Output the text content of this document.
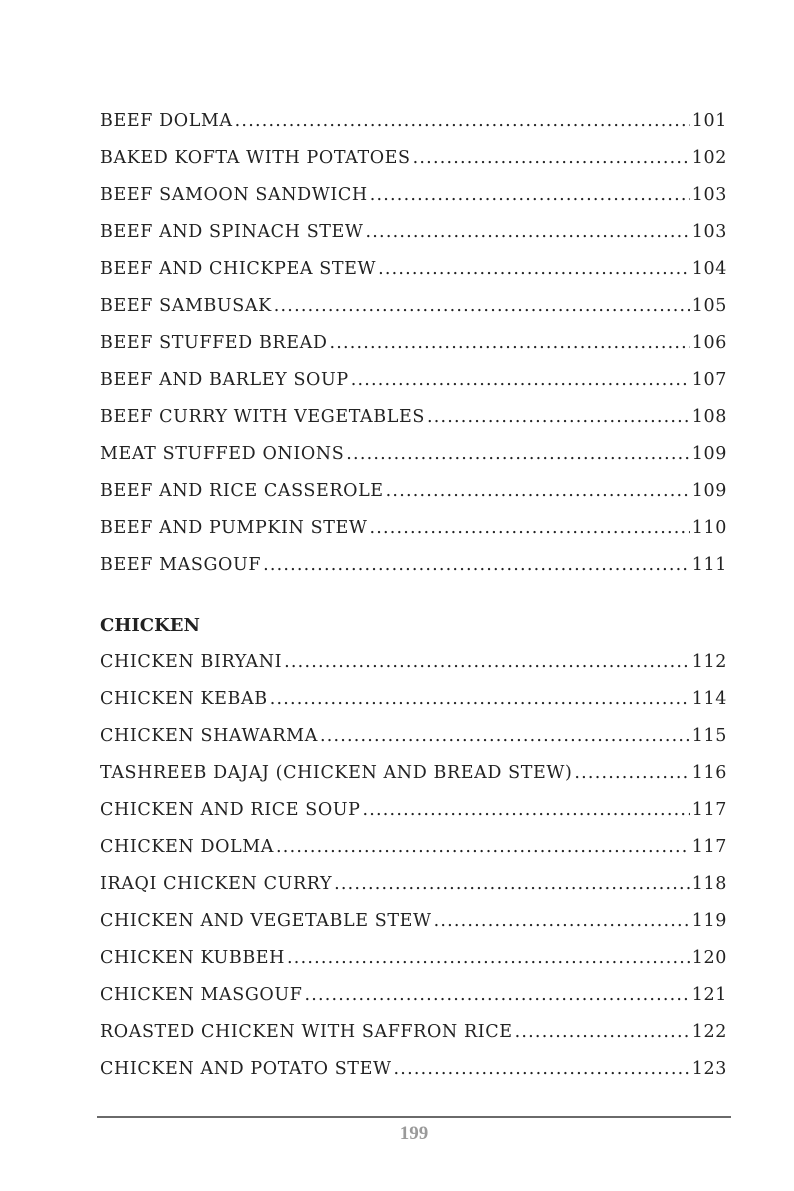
BEEF DOLMA .....	101
BAKED KOFTA WITH POTATOES .....	102
BEEF SAMOON SANDWICH .....	103
BEEF AND SPINACH STEW .....	103
BEEF AND CHICKPEA STEW .....	104
BEEF SAMBUSAK .....	105
BEEF STUFFED BREAD .....	106
BEEF AND BARLEY SOUP .....	107
BEEF CURRY WITH VEGETABLES .....	108
MEAT STUFFED ONIONS .....	109
BEEF AND RICE CASSEROLE .....	109
BEEF AND PUMPKIN STEW .....	110
BEEF MASGOUF .....	111
CHICKEN
CHICKEN BIRYANI .....	112
CHICKEN KEBAB .....	114
CHICKEN SHAWARMA .....	115
TASHREEB DAJAJ (CHICKEN AND BREAD STEW) .....	116
CHICKEN AND RICE SOUP .....	117
CHICKEN DOLMA .....	117
IRAQI CHICKEN CURRY .....	118
CHICKEN AND VEGETABLE STEW .....	119
CHICKEN KUBBEH .....	120
CHICKEN MASGOUF .....	121
ROASTED CHICKEN WITH SAFFRON RICE .....	122
CHICKEN AND POTATO STEW .....	123
199
